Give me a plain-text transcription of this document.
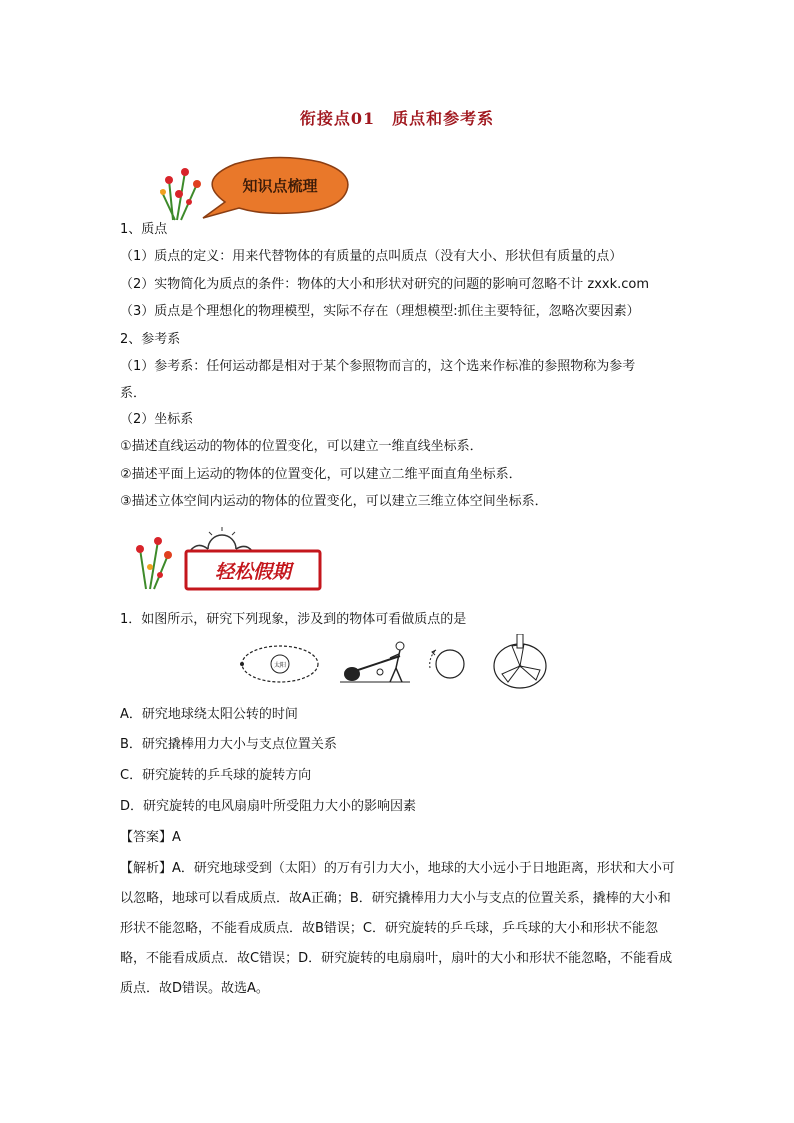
衔接点01　质点和参考系
知识点梳理
1、质点
（1）质点的定义：用来代替物体的有质量的点叫质点（没有大小、形状但有质量的点）
（2）实物简化为质点的条件：物体的大小和形状对研究的问题的影响可忽略不计 zxxk.com
（3）质点是个理想化的物理模型，实际不存在（理想模型:抓住主要特征，忽略次要因素）
2、参考系
（1）参考系：任何运动都是相对于某个参照物而言的，这个选来作标准的参照物称为参考
系．
（2）坐标系
①描述直线运动的物体的位置变化，可以建立一维直线坐标系．
②描述平面上运动的物体的位置变化，可以建立二维平面直角坐标系．
③描述立体空间内运动的物体的位置变化，可以建立三维立体空间坐标系．
轻松假期
1．如图所示，研究下列现象，涉及到的物体可看做质点的是
太阳
A．研究地球绕太阳公转的时间
B．研究撬棒用力大小与支点位置关系
C．研究旋转的乒乓球的旋转方向
D．研究旋转的电风扇扇叶所受阻力大小的影响因素
【答案】A
【解析】A．研究地球受到（太阳）的万有引力大小，地球的大小远小于日地距离，形状和大小可以忽略，地球可以看成质点．故A正确；B．研究撬棒用力大小与支点的位置关系，撬棒的大小和形状不能忽略，不能看成质点．故B错误；C．研究旋转的乒乓球，乒乓球的大小和形状不能忽略，不能看成质点．故C错误；D．研究旋转的电扇扇叶，扇叶的大小和形状不能忽略，不能看成质点．故D错误。故选A。
